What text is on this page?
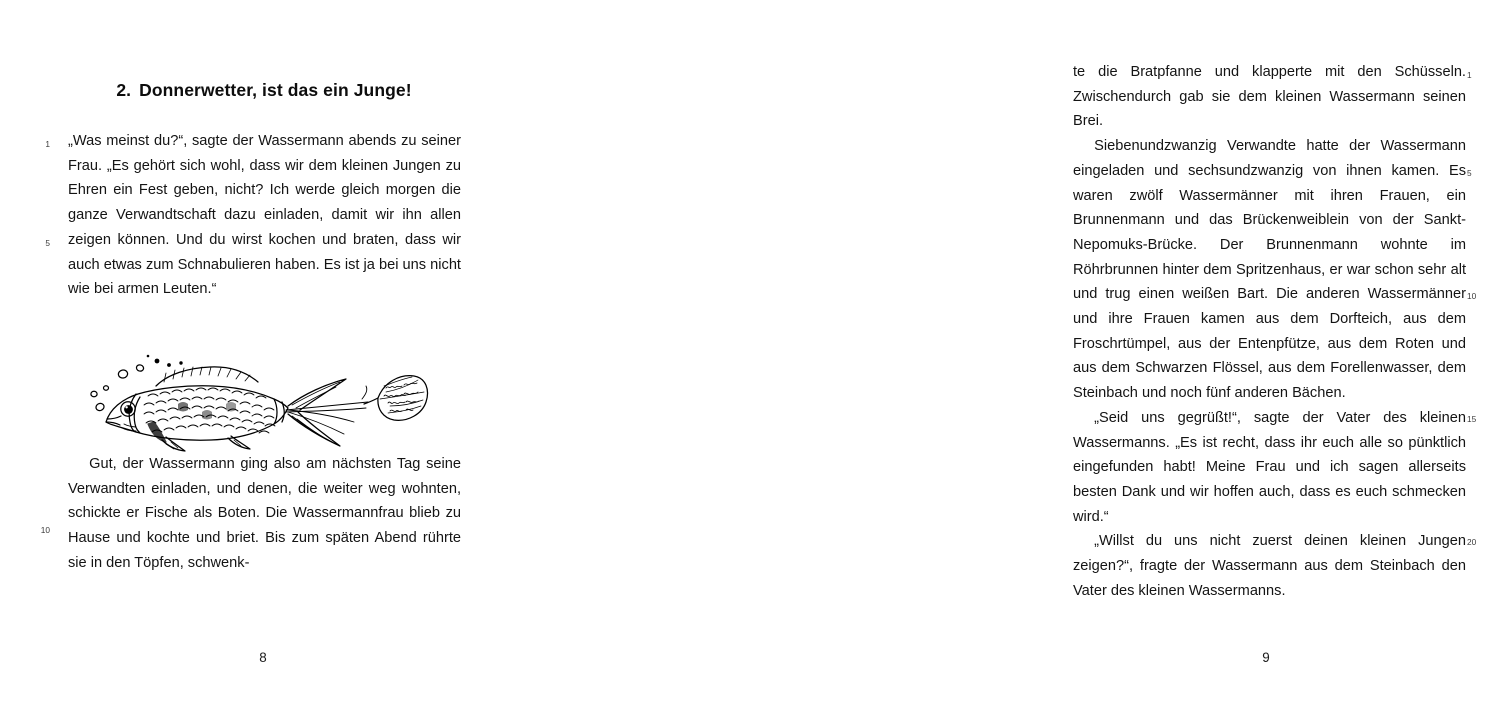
2. Donnerwetter, ist das ein Junge!
1
5
10

„Was meinst du?“, sagte der Wassermann abends zu seiner Frau. „Es gehört sich wohl, dass wir dem kleinen Jungen zu Ehren ein Fest geben, nicht? Ich werde gleich morgen die ganze Verwandtschaft dazu einladen, damit wir ihn allen zeigen können. Und du wirst kochen und braten, dass wir auch etwas zum Schnabulieren haben. Es ist ja bei uns nicht wie bei armen Leuten.“

Gut, der Wassermann ging also am nächsten Tag seine Verwandten einladen, und denen, die weiter weg wohnten, schickte er Fische als Boten. Die Wassermannfrau blieb zu Hause und kochte und briet. Bis zum späten Abend rührte sie in den Töpfen, schwenk-

8
1
5
10
15
20

te die Bratpfanne und klapperte mit den Schüsseln. Zwischendurch gab sie dem kleinen Wassermann seinen Brei.

Siebenundzwanzig Verwandte hatte der Wassermann eingeladen und sechsundzwanzig von ihnen kamen. Es waren zwölf Wassermänner mit ihren Frauen, ein Brunnenmann und das Brückenweiblein von der Sankt-Nepomuks-Brücke. Der Brunnenmann wohnte im Röhrbrunnen hinter dem Spritzenhaus, er war schon sehr alt und trug einen weißen Bart. Die anderen Wassermänner und ihre Frauen kamen aus dem Dorfteich, aus dem Froschrtümpel, aus der Entenpfütze, aus dem Roten und aus dem Schwarzen Flössel, aus dem Forellenwasser, dem Steinbach und noch fünf anderen Bächen.

„Seid uns gegrüßt!“, sagte der Vater des kleinen Wassermanns. „Es ist recht, dass ihr euch alle so pünktlich eingefunden habt! Meine Frau und ich sagen allerseits besten Dank und wir hoffen auch, dass es euch schmecken wird.“

„Willst du uns nicht zuerst deinen kleinen Jungen zeigen?“, fragte der Wassermann aus dem Steinbach den Vater des kleinen Wassermanns.

9
